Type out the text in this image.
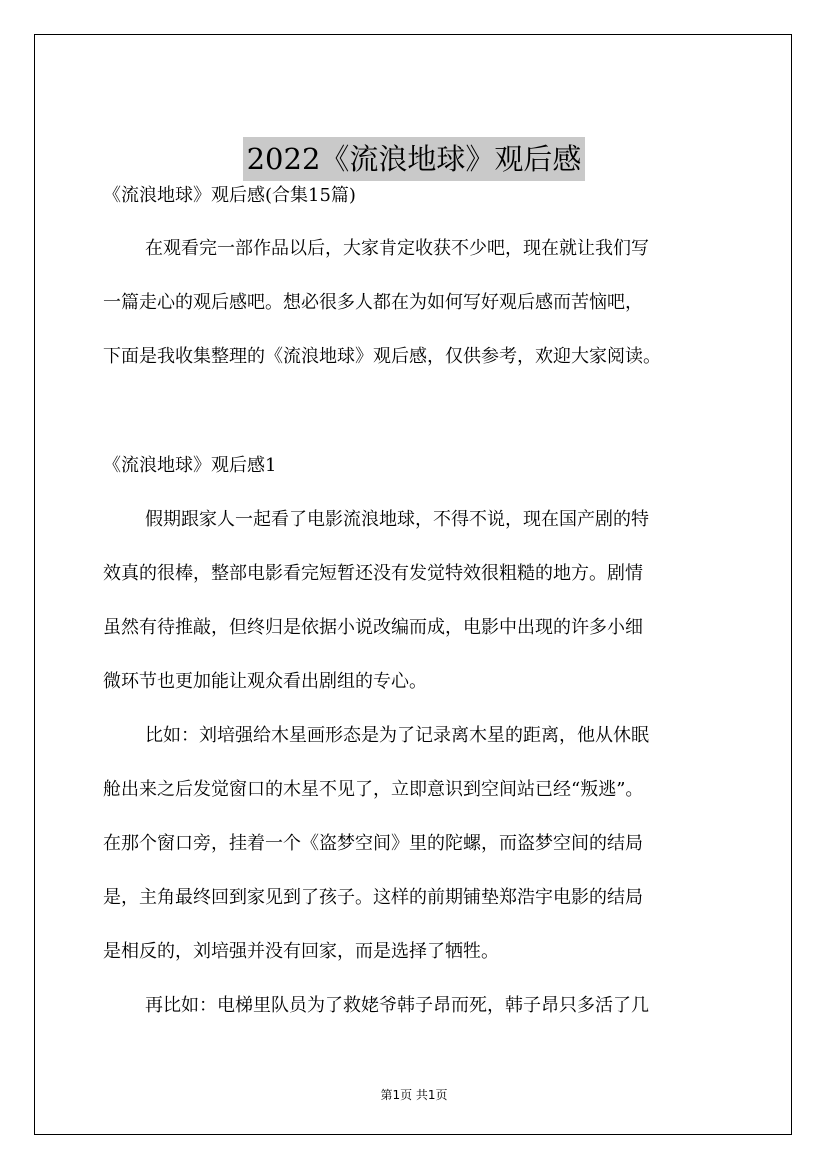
2022《流浪地球》观后感
《流浪地球》观后感(合集15篇)
在观看完一部作品以后，大家肯定收获不少吧，现在就让我们写
一篇走心的观后感吧。想必很多人都在为如何写好观后感而苦恼吧，
下面是我收集整理的《流浪地球》观后感，仅供参考，欢迎大家阅读。
《流浪地球》观后感1
假期跟家人一起看了电影流浪地球，不得不说，现在国产剧的特
效真的很棒，整部电影看完短暂还没有发觉特效很粗糙的地方。剧情
虽然有待推敲，但终归是依据小说改编而成，电影中出现的许多小细
微环节也更加能让观众看出剧组的专心。
比如：刘培强给木星画形态是为了记录离木星的距离，他从休眠
舱出来之后发觉窗口的木星不见了，立即意识到空间站已经“叛逃”。
在那个窗口旁，挂着一个《盗梦空间》里的陀螺，而盗梦空间的结局
是，主角最终回到家见到了孩子。这样的前期铺垫郑浩宇电影的结局
是相反的，刘培强并没有回家，而是选择了牺牲。
再比如：电梯里队员为了救姥爷韩子昂而死，韩子昂只多活了几
第1页 共1页
